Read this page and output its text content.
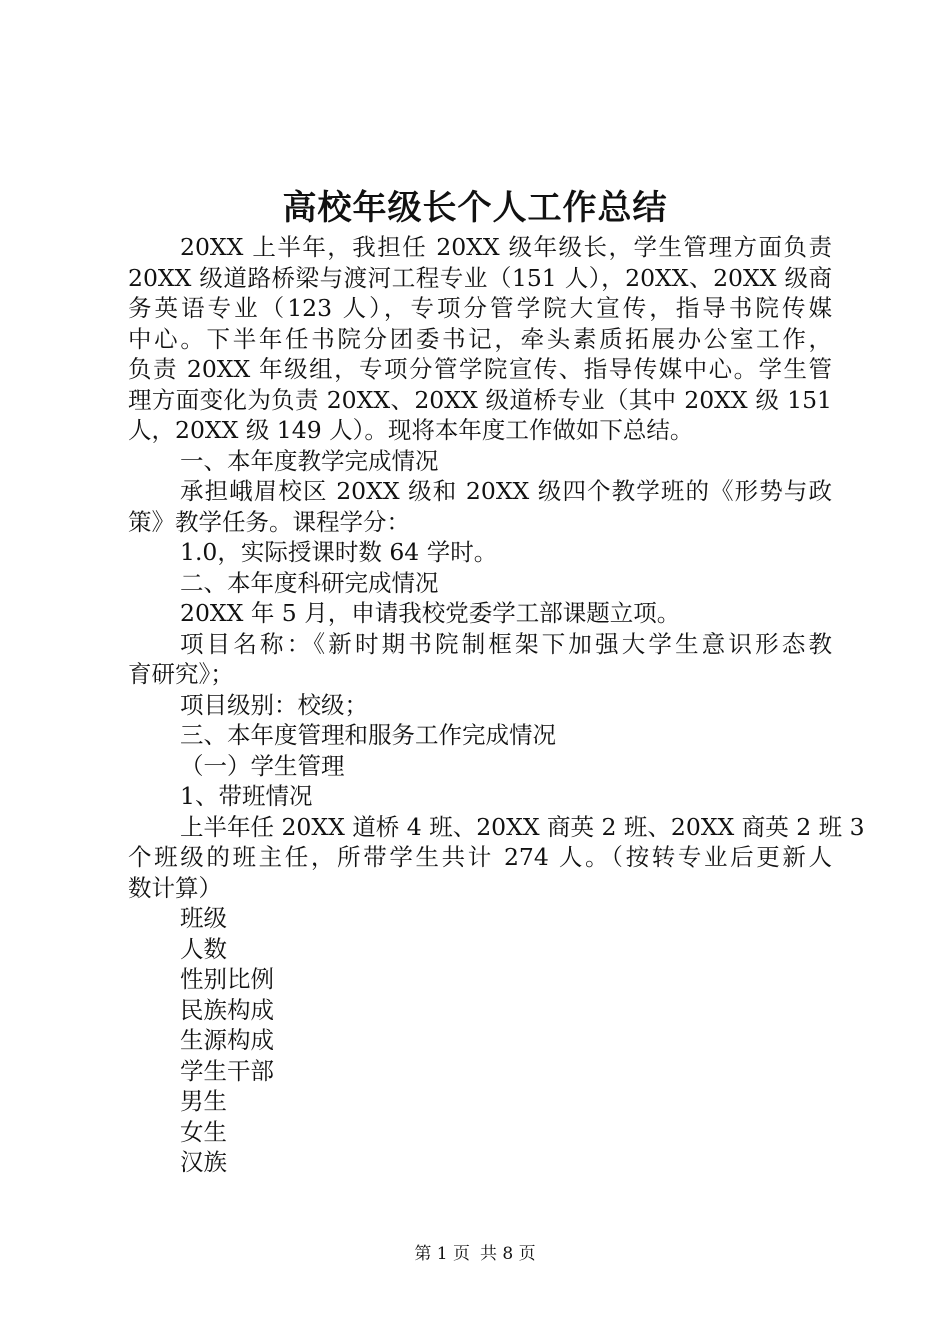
高校年级长个人工作总结
20XX 上半年，我担任 20XX 级年级长，学生管理方面负责
20XX 级道路桥梁与渡河工程专业（151 人），20XX、20XX 级商
务英语专业（123 人），专项分管学院大宣传，指导书院传媒
中心。下半年任书院分团委书记，牵头素质拓展办公室工作，
负责 20XX 年级组，专项分管学院宣传、指导传媒中心。学生管
理方面变化为负责 20XX、20XX 级道桥专业（其中 20XX 级 151
人，20XX 级 149 人）。现将本年度工作做如下总结。
一、本年度教学完成情况
承担峨眉校区 20XX 级和 20XX 级四个教学班的《形势与政
策》教学任务。课程学分：
1.0，实际授课时数 64 学时。
二、本年度科研完成情况
20XX 年 5 月，申请我校党委学工部课题立项。
项目名称：《新时期书院制框架下加强大学生意识形态教
育研究》；
项目级别：校级；
三、本年度管理和服务工作完成情况
（一）学生管理
1、带班情况
上半年任 20XX 道桥 4 班、20XX 商英 2 班、20XX 商英 2 班 3
个班级的班主任，所带学生共计 274 人。（按转专业后更新人
数计算）
班级
人数
性别比例
民族构成
生源构成
学生干部
男生
女生
汉族
第 1 页 共 8 页
